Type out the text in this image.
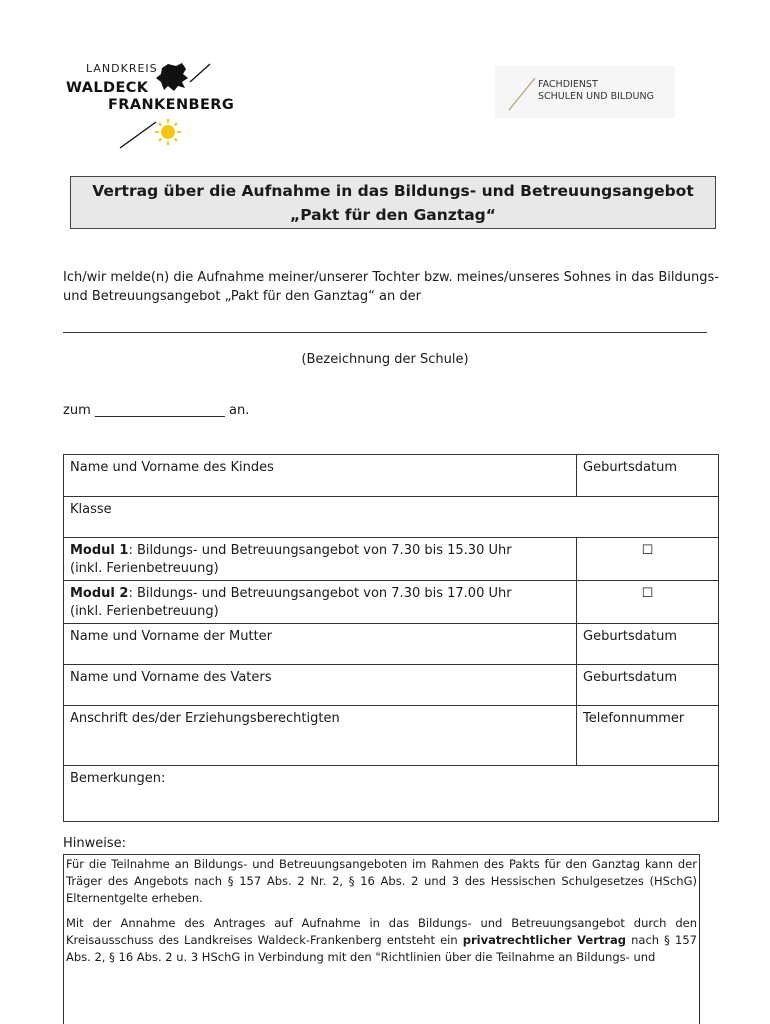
LANDKREIS
WALDECK
FRANKENBERG
FACHDIENST
SCHULEN UND BILDUNG
Vertrag über die Aufnahme in das Bildungs- und Betreuungsangebot
„Pakt für den Ganztag“
Ich/wir melde(n) die Aufnahme meiner/unserer Tochter bzw. meines/unseres Sohnes in das Bildungs- und Betreuungsangebot „Pakt für den Ganztag“ an der
(Bezeichnung der Schule)
zum ____________________ an.
Name und Vorname des Kindes	Geburtsdatum
Klasse	
Modul 1: Bildungs- und Betreuungsangebot von 7.30 bis 15.30 Uhr
(inkl. Ferienbetreuung)	☐
Modul 2: Bildungs- und Betreuungsangebot von 7.30 bis 17.00 Uhr
(inkl. Ferienbetreuung)	☐
Name und Vorname der Mutter	Geburtsdatum
Name und Vorname des Vaters	Geburtsdatum
Anschrift des/der Erziehungsberechtigten	Telefonnummer
Bemerkungen:	
Hinweise:

Für die Teilnahme an Bildungs- und Betreuungsangeboten im Rahmen des Pakts für den Ganztag kann der Träger des Angebots nach § 157 Abs. 2 Nr. 2, § 16 Abs. 2 und 3 des Hessischen Schulgesetzes (HSchG) Elternentgelte erheben.

Mit der Annahme des Antrages auf Aufnahme in das Bildungs- und Betreuungsangebot durch den Kreisausschuss des Landkreises Waldeck-Frankenberg entsteht ein privatrechtlicher Vertrag nach § 157 Abs. 2, § 16 Abs. 2 u. 3 HSchG in Verbindung mit den "Richtlinien über die Teilnahme an Bildungs- und
